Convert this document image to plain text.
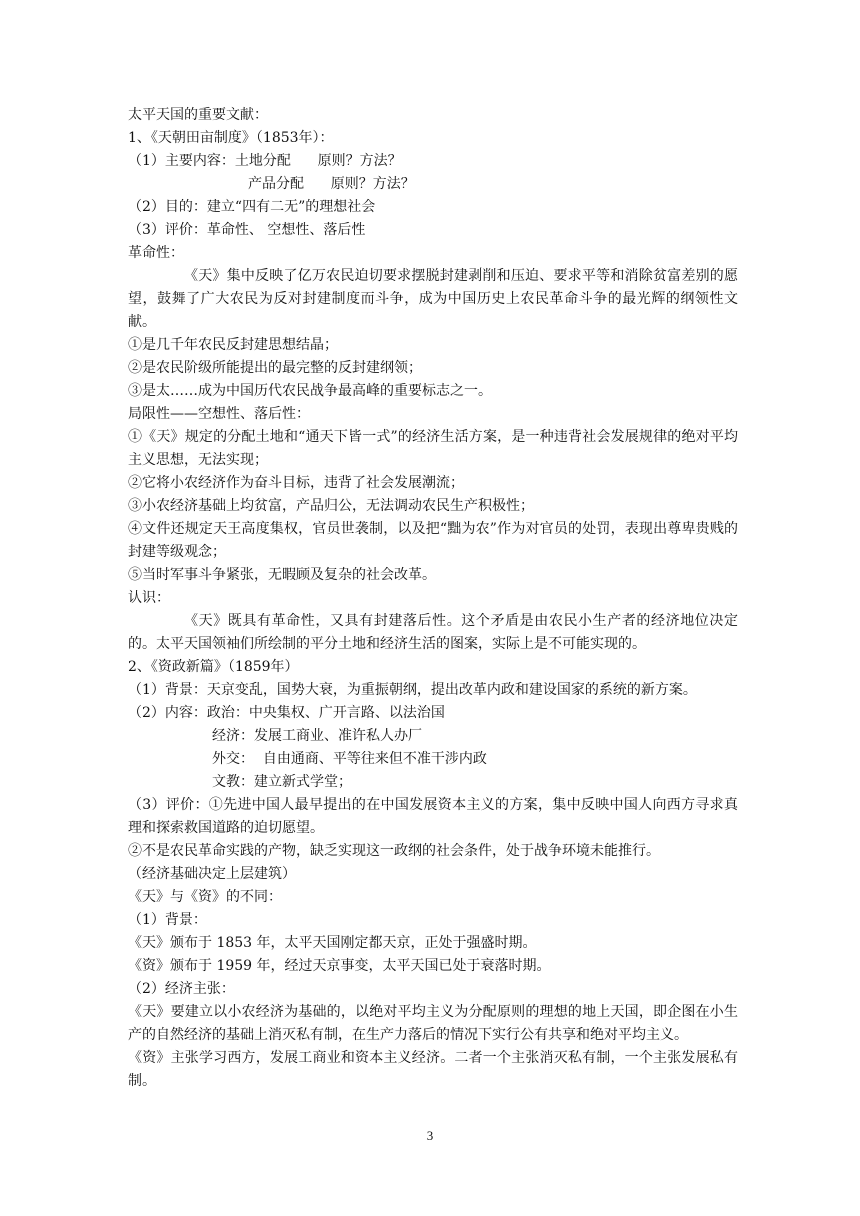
太平天国的重要文献：
1、《天朝田亩制度》（1853年）：
（1）主要内容：土地分配      原则？方法？
产品分配      原则？方法？
（2）目的：建立“四有二无”的理想社会
（3）评价：革命性、 空想性、落后性
革命性：
《天》集中反映了亿万农民迫切要求摆脱封建剥削和压迫、要求平等和消除贫富差别的愿望，鼓舞了广大农民为反对封建制度而斗争，成为中国历史上农民革命斗争的最光辉的纲领性文献。
①是几千年农民反封建思想结晶；
②是农民阶级所能提出的最完整的反封建纲领；
③是太……成为中国历代农民战争最高峰的重要标志之一。
局限性——空想性、落后性：
①《天》规定的分配土地和“通天下皆一式”的经济生活方案，是一种违背社会发展规律的绝对平均主义思想，无法实现；
②它将小农经济作为奋斗目标，违背了社会发展潮流；
③小农经济基础上均贫富，产品归公，无法调动农民生产积极性；
④文件还规定天王高度集权，官员世袭制，以及把“黜为农”作为对官员的处罚，表现出尊卑贵贱的封建等级观念；
⑤当时军事斗争紧张，无暇顾及复杂的社会改革。
认识：
《天》既具有革命性，又具有封建落后性。这个矛盾是由农民小生产者的经济地位决定的。太平天国领袖们所绘制的平分土地和经济生活的图案，实际上是不可能实现的。
2、《资政新篇》（1859年）
（1）背景：天京变乱，国势大衰，为重振朝纲，提出改革内政和建设国家的系统的新方案。
（2）内容：政治：中央集权、广开言路、以法治国
经济：发展工商业、准许私人办厂
外交：  自由通商、平等往来但不准干涉内政
文教：建立新式学堂；
（3）评价：①先进中国人最早提出的在中国发展资本主义的方案，集中反映中国人向西方寻求真理和探索救国道路的迫切愿望。
②不是农民革命实践的产物，缺乏实现这一政纲的社会条件，处于战争环境未能推行。
（经济基础决定上层建筑）
《天》与《资》的不同：
（1）背景：
《天》颁布于 1853 年，太平天国刚定都天京，正处于强盛时期。
《资》颁布于 1959 年，经过天京事变，太平天国已处于衰落时期。
（2）经济主张：
《天》要建立以小农经济为基础的，以绝对平均主义为分配原则的理想的地上天国，即企图在小生产的自然经济的基础上消灭私有制，在生产力落后的情况下实行公有共享和绝对平均主义。
《资》主张学习西方，发展工商业和资本主义经济。二者一个主张消灭私有制，一个主张发展私有制。
3
